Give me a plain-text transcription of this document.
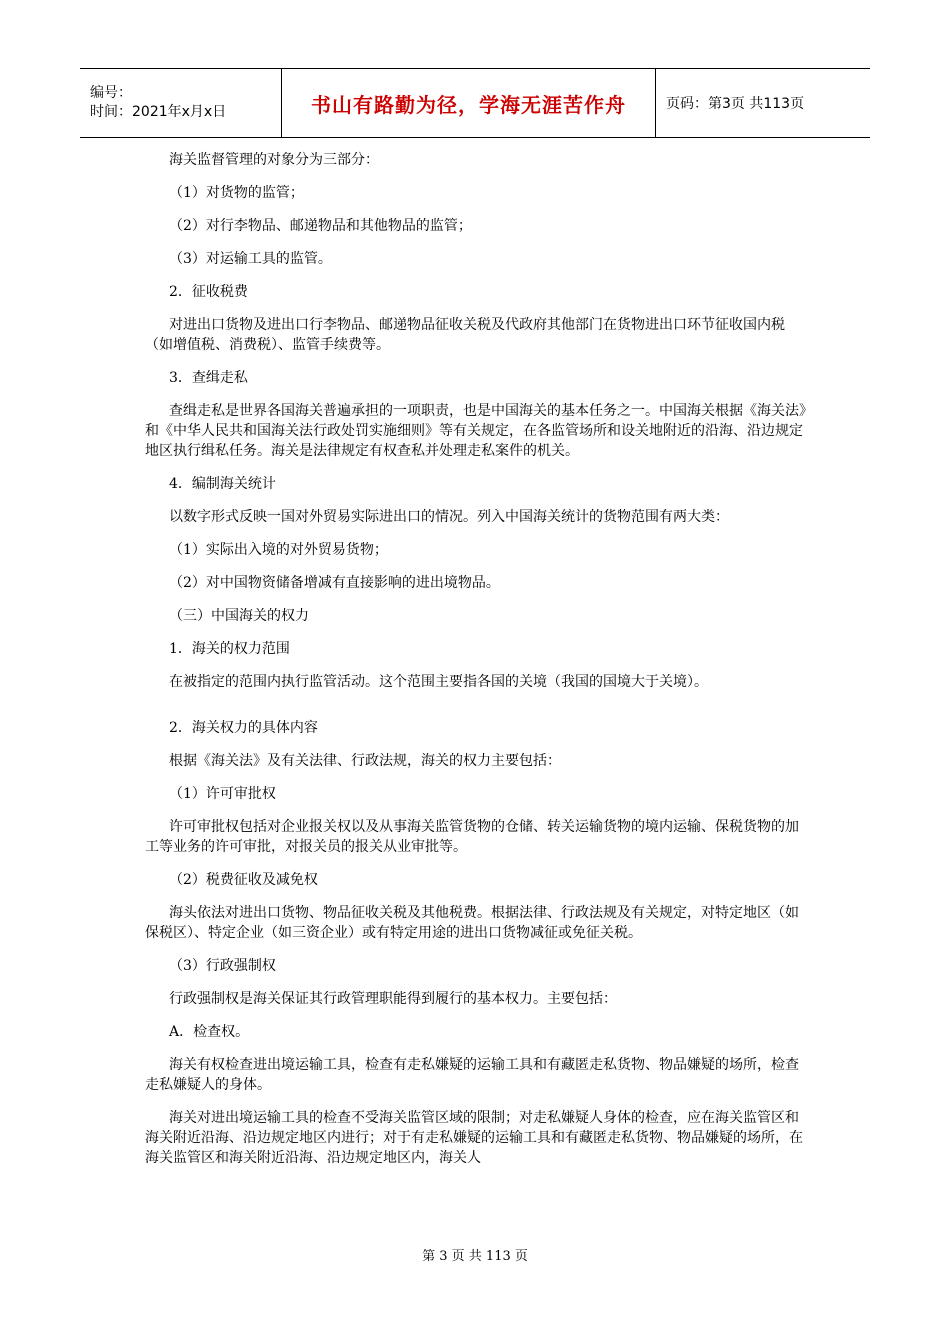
编号：
时间：2021年x月x日	书山有路勤为径，学海无涯苦作舟	页码：第3页 共113页

海关监督管理的对象分为三部分：

（1）对货物的监管；

（2）对行李物品、邮递物品和其他物品的监管；

（3）对运输工具的监管。

2．征收税费

对进出口货物及进出口行李物品、邮递物品征收关税及代政府其他部门在货物进出口环节征收国内税（如增值税、消费税）、监管手续费等。

3．查缉走私

查缉走私是世界各国海关普遍承担的一项职责，也是中国海关的基本任务之一。中国海关根据《海关法》和《中华人民共和国海关法行政处罚实施细则》等有关规定，在各监管场所和设关地附近的沿海、沿边规定地区执行缉私任务。海关是法律规定有权查私并处理走私案件的机关。

4．编制海关统计

以数字形式反映一国对外贸易实际进出口的情况。列入中国海关统计的货物范围有两大类：

（1）实际出入境的对外贸易货物；

（2）对中国物资储备增减有直接影响的进出境物品。

（三）中国海关的权力

1．海关的权力范围

在被指定的范围内执行监管活动。这个范围主要指各国的关境（我国的国境大于关境）。

2．海关权力的具体内容

根据《海关法》及有关法律、行政法规，海关的权力主要包括：

（1）许可审批权

许可审批权包括对企业报关权以及从事海关监管货物的仓储、转关运输货物的境内运输、保税货物的加工等业务的许可审批，对报关员的报关从业审批等。

（2）税费征收及减免权

海头依法对进出口货物、物品征收关税及其他税费。根据法律、行政法规及有关规定，对特定地区（如保税区）、特定企业（如三资企业）或有特定用途的进出口货物减征或免征关税。

（3）行政强制权

行政强制权是海关保证其行政管理职能得到履行的基本权力。主要包括：

A．检查权。

海关有权检查进出境运输工具，检查有走私嫌疑的运输工具和有藏匿走私货物、物品嫌疑的场所，检查走私嫌疑人的身体。

海关对进出境运输工具的检查不受海关监管区域的限制；对走私嫌疑人身体的检查，应在海关监管区和海关附近沿海、沿边规定地区内进行；对于有走私嫌疑的运输工具和有藏匿走私货物、物品嫌疑的场所，在海关监管区和海关附近沿海、沿边规定地区内，海关人

第 3 页 共 113 页
